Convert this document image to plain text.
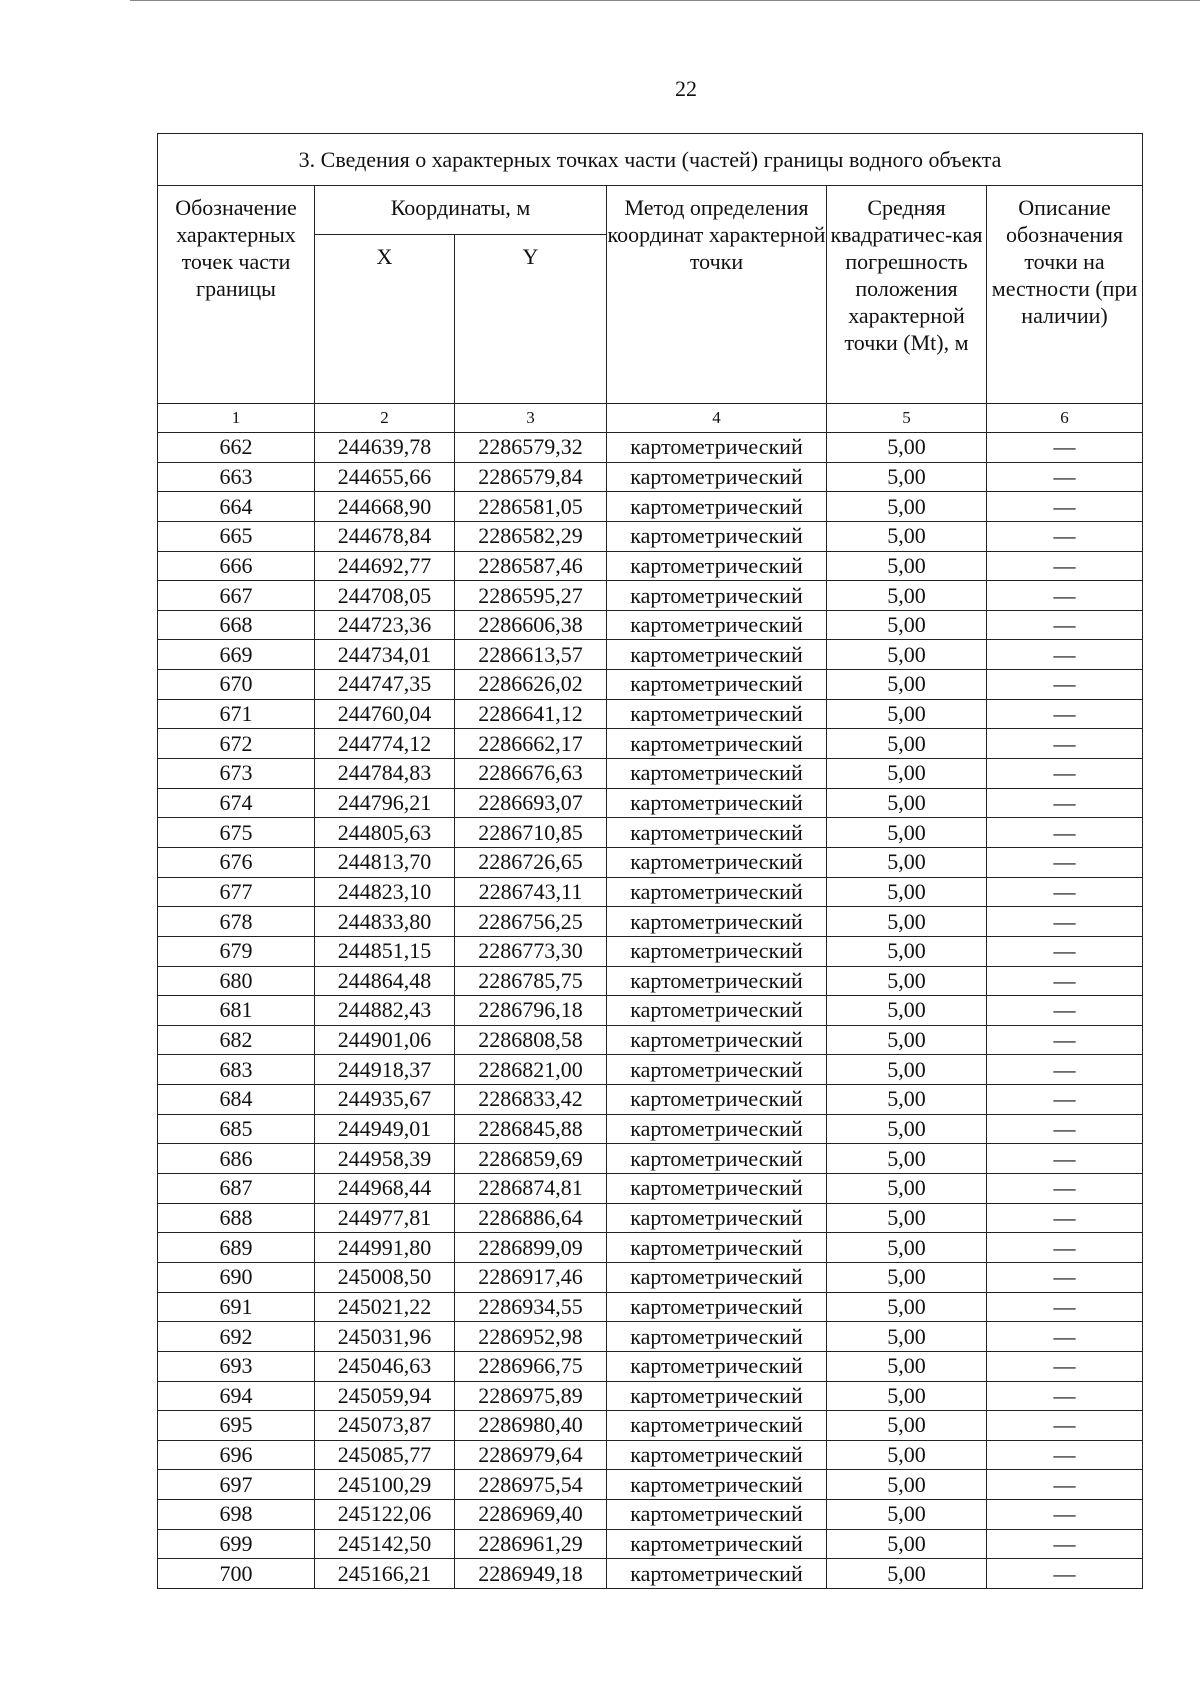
22
3. Сведения о характерных точках части (частей) границы водного объекта					
Обозначение характерных точек части границы	Координаты, м		Метод определения координат характерной точки	Средняя квадратичес-кая погрешность положения характерной точки (Mt), м	Описание обозначения точки на местности (при наличии)
	X	Y			
1	2	3	4	5	6
662	244639,78	2286579,32	картометрический	5,00	—
663	244655,66	2286579,84	картометрический	5,00	—
664	244668,90	2286581,05	картометрический	5,00	—
665	244678,84	2286582,29	картометрический	5,00	—
666	244692,77	2286587,46	картометрический	5,00	—
667	244708,05	2286595,27	картометрический	5,00	—
668	244723,36	2286606,38	картометрический	5,00	—
669	244734,01	2286613,57	картометрический	5,00	—
670	244747,35	2286626,02	картометрический	5,00	—
671	244760,04	2286641,12	картометрический	5,00	—
672	244774,12	2286662,17	картометрический	5,00	—
673	244784,83	2286676,63	картометрический	5,00	—
674	244796,21	2286693,07	картометрический	5,00	—
675	244805,63	2286710,85	картометрический	5,00	—
676	244813,70	2286726,65	картометрический	5,00	—
677	244823,10	2286743,11	картометрический	5,00	—
678	244833,80	2286756,25	картометрический	5,00	—
679	244851,15	2286773,30	картометрический	5,00	—
680	244864,48	2286785,75	картометрический	5,00	—
681	244882,43	2286796,18	картометрический	5,00	—
682	244901,06	2286808,58	картометрический	5,00	—
683	244918,37	2286821,00	картометрический	5,00	—
684	244935,67	2286833,42	картометрический	5,00	—
685	244949,01	2286845,88	картометрический	5,00	—
686	244958,39	2286859,69	картометрический	5,00	—
687	244968,44	2286874,81	картометрический	5,00	—
688	244977,81	2286886,64	картометрический	5,00	—
689	244991,80	2286899,09	картометрический	5,00	—
690	245008,50	2286917,46	картометрический	5,00	—
691	245021,22	2286934,55	картометрический	5,00	—
692	245031,96	2286952,98	картометрический	5,00	—
693	245046,63	2286966,75	картометрический	5,00	—
694	245059,94	2286975,89	картометрический	5,00	—
695	245073,87	2286980,40	картометрический	5,00	—
696	245085,77	2286979,64	картометрический	5,00	—
697	245100,29	2286975,54	картометрический	5,00	—
698	245122,06	2286969,40	картометрический	5,00	—
699	245142,50	2286961,29	картометрический	5,00	—
700	245166,21	2286949,18	картометрический	5,00	—
